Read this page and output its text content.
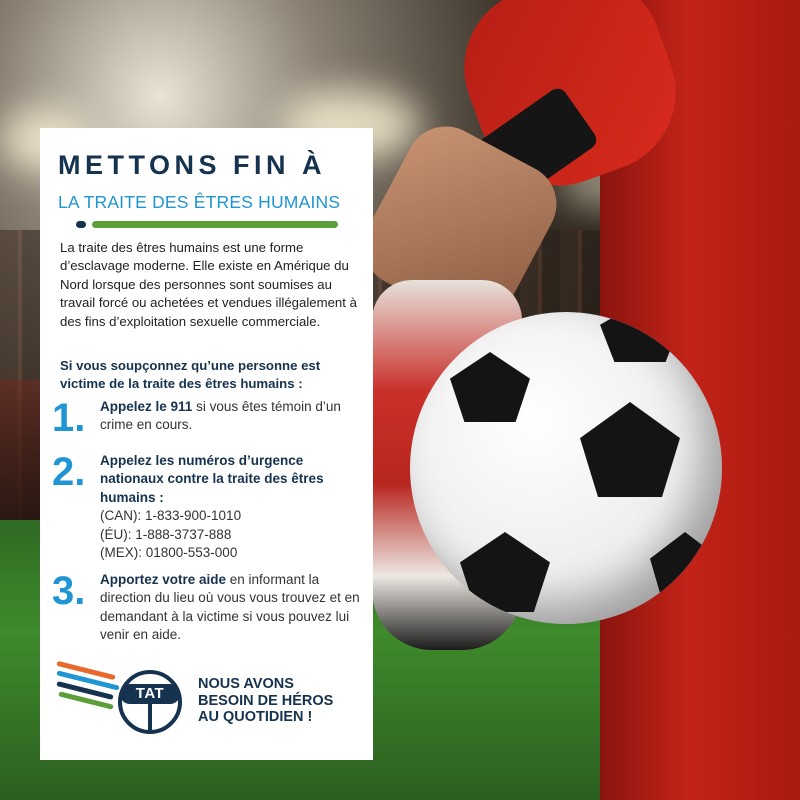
METTONS FIN À
LA TRAITE DES ÊTRES HUMAINS
La traite des êtres humains est une forme d’esclavage moderne. Elle existe en Amérique du Nord lorsque des personnes sont soumises au travail forcé ou achetées et vendues illégalement à des fins d’exploitation sexuelle commerciale.
Si vous soupçonnez qu’une personne est victime de la traite des êtres humains :
1. Appelez le 911 si vous êtes témoin d’un crime en cours.
2. Appelez les numéros d’urgence nationaux contre la traite des êtres humains :
(CAN): 1-833-900-1010
(ÉU): 1-888-3737-888
(MEX): 01800-553-000
3. Apportez votre aide en informant la direction du lieu où vous vous trouvez et en demandant à la victime si vous pouvez lui venir en aide.
TAT
NOUS AVONS
BESOIN DE HÉROS
AU QUOTIDIEN !
